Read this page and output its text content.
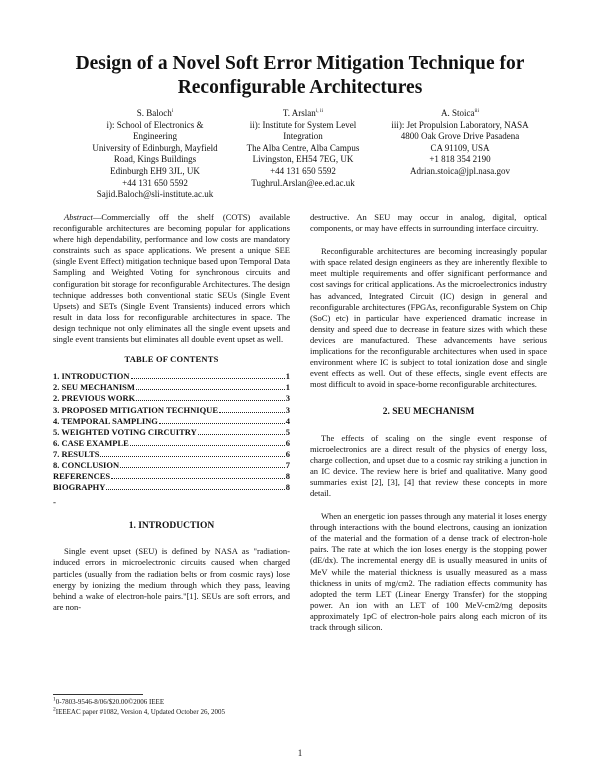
Design of a Novel Soft Error Mitigation Technique for
Reconfigurable Architectures
S. Baloch$^i$
i): School of Electronics &
Engineering
University of Edinburgh, Mayfield
Road, Kings Buildings
Edinburgh EH9 3JL, UK
+44 131 650 5592
Sajid.Baloch@sli-institute.ac.uk
T. Arslan$^{i, ii}$
ii): Institute for System Level
Integration
The Alba Centre, Alba Campus
Livingston, EH54 7EG, UK
+44 131 650 5592
Tughrul.Arslan@ee.ed.ac.uk
A. Stoica$^{iii}$
iii): Jet Propulsion Laboratory, NASA
4800 Oak Grove Drive Pasadena
CA 91109, USA
+1 818 354 2190
Adrian.stoica@jpl.nasa.gov

Abstract—Commercially off the shelf (COTS) available reconfigurable architectures are becoming popular for applications where high dependability, performance and low costs are mandatory constraints such as space applications. We present a unique SEE (single Event Effect) mitigation technique based upon Temporal Data Sampling and Weighted Voting for synchronous circuits and configuration bit storage for reconfigurable Architectures. The design technique addresses both conventional static SEUs (Single Event Upsets) and SETs (Single Event Transients) induced errors which result in data loss for reconfigurable architectures in space. The design technique not only eliminates all the single event upsets and single event transients but eliminates all double event upset as well.

TABLE OF CONTENTS
1. INTRODUCTION	1
2. SEU MECHANISM	1
2. PREVIOUS WORK	3
3. PROPOSED MITIGATION TECHNIQUE	3
4. TEMPORAL SAMPLING	4
5. WEIGHTED VOTING CIRCUITRY	5
6. CASE EXAMPLE	6
7. RESULTS	6
8. CONCLUSION	7
REFERENCES	8
BIOGRAPHY	8
-
1. INTRODUCTION

Single event upset (SEU) is defined by NASA as "radiation-induced errors in microelectronic circuits caused when charged particles (usually from the radiation belts or from cosmic rays) lose energy by ionizing the medium through which they pass, leaving behind a wake of electron-hole pairs."[1]. SEUs are soft errors, and are non-

destructive. An SEU may occur in analog, digital, optical components, or may have effects in surrounding interface circuitry.

Reconfigurable architectures are becoming increasingly popular with space related design engineers as they are inherently flexible to meet multiple requirements and offer significant performance and cost savings for critical applications. As the microelectronics industry has advanced, Integrated Circuit (IC) design in general and reconfigurable architectures (FPGAs, reconfigurable System on Chip (SoC) etc) in particular have experienced dramatic increase in density and speed due to decrease in feature sizes with which these devices are manufactured. These advancements have serious implications for the reconfigurable architectures when used in space environment where IC is subject to total ionization dose and single event effects as well. Out of these effects, single event effects are most difficult to avoid in space-borne reconfigurable architectures.

2. SEU MECHANISM

The effects of scaling on the single event response of microelectronics are a direct result of the physics of energy loss, charge collection, and upset due to a cosmic ray striking a junction in an IC device. The review here is brief and qualitative. Many good summaries exist [2], [3], [4] that review these concepts in more detail.

When an energetic ion passes through any material it loses energy through interactions with the bound electrons, causing an ionization of the material and the formation of a dense track of electron-hole pairs. The rate at which the ion loses energy is the stopping power (dE/dx). The incremental energy dE is usually measured in units of MeV while the material thickness is usually measured as a mass thickness in units of mg/cm2. The radiation effects community has adopted the term LET (Linear Energy Transfer) for the stopping power. An ion with an LET of 100 MeV-cm2/mg deposits approximately 1pC of electron-hole pairs along each micron of its track through silicon.

$^1$0-7803-9546-8/06/$20.00©2006 IEEE
$^2$IEEEAC paper #1082, Version 4, Updated October 26, 2005
1
